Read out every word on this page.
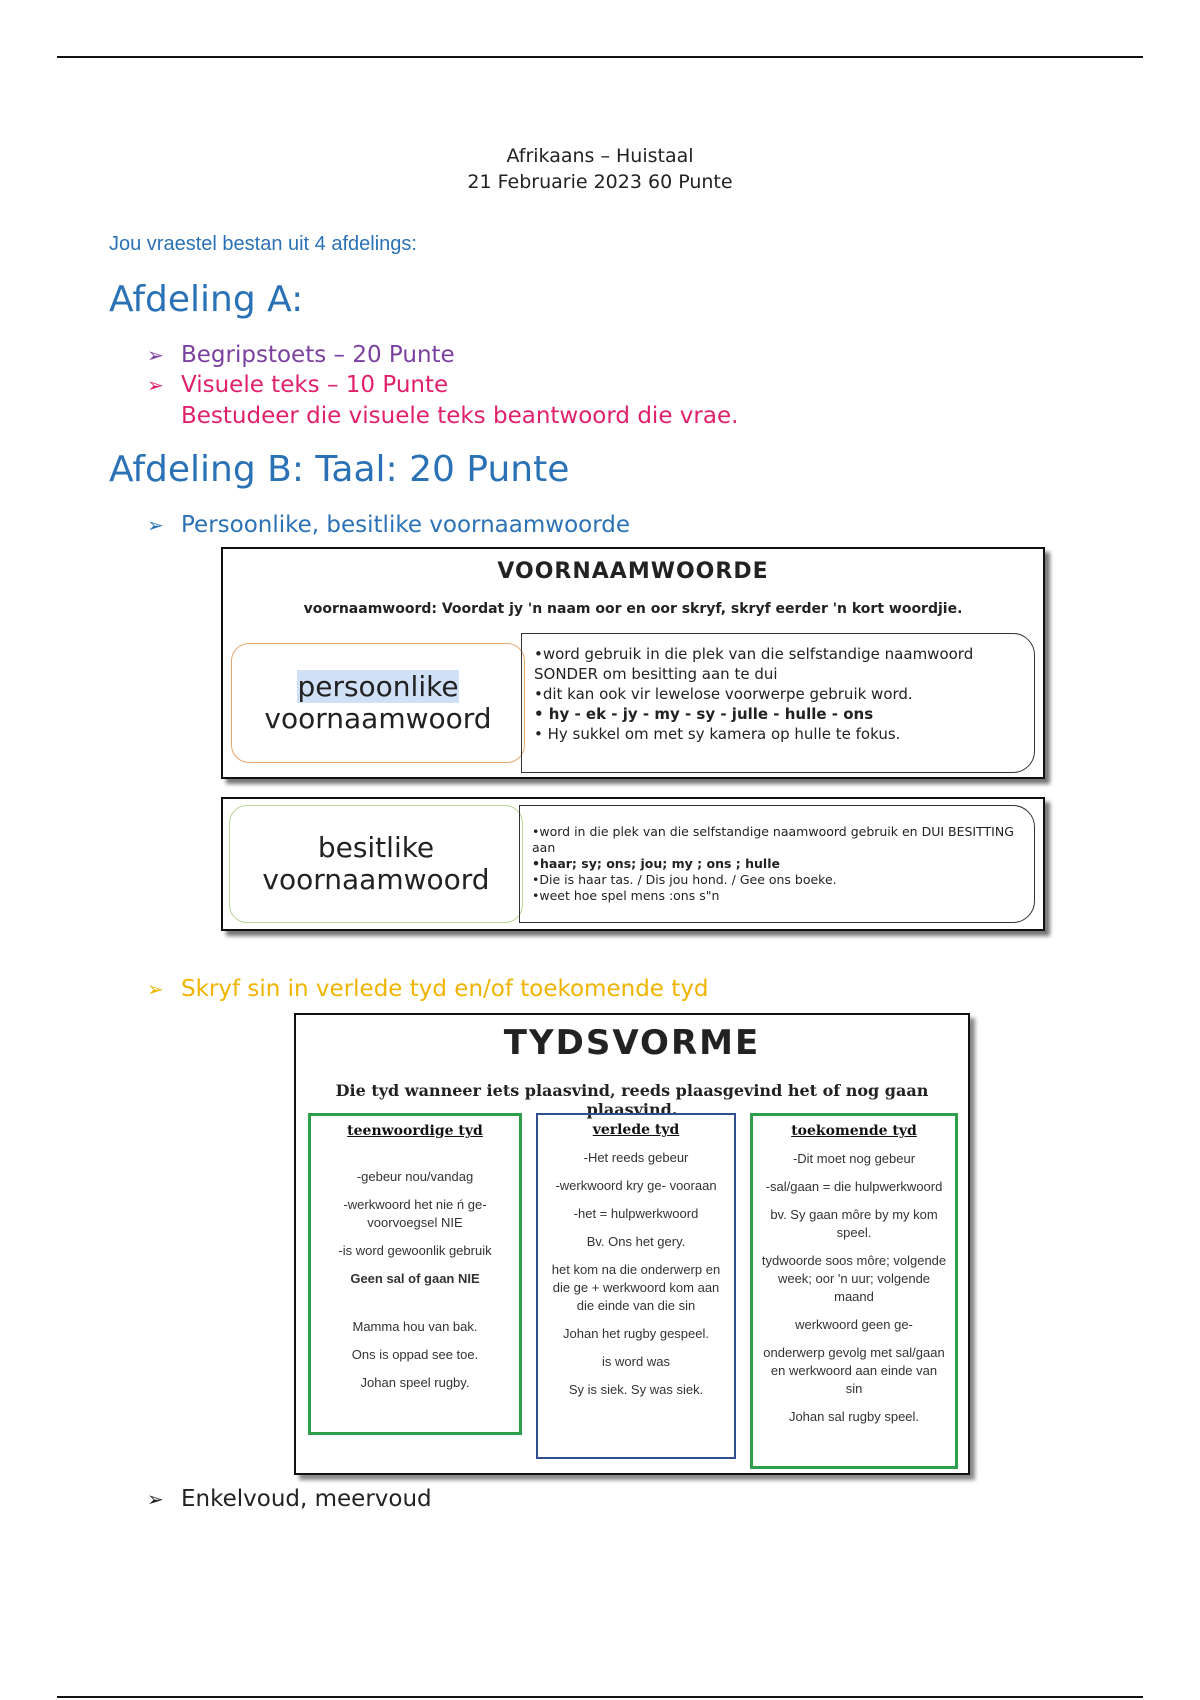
Afrikaans – Huistaal
21 Februarie 2023 60 Punte
Jou vraestel bestan uit 4 afdelings:
Afdeling A:
➢ Begripstoets – 20 Punte
➢ Visuele teks – 10 Punte
Bestudeer die visuele teks beantwoord die vrae.
Afdeling B: Taal: 20 Punte
➢ Persoonlike, besitlike voornaamwoorde
VOORNAAMWOORDE
voornaamwoord: Voordat jy 'n naam oor en oor skryf, skryf eerder 'n kort woordjie.
persoonlike
voornaamwoord
•word gebruik in die plek van die selfstandige naamwoord SONDER om besitting aan te dui
•dit kan ook vir lewelose voorwerpe gebruik word.
• hy - ek - jy - my - sy - julle - hulle - ons
• Hy sukkel om met sy kamera op hulle te fokus.
besitlike
voornaamwoord
•word in die plek van die selfstandige naamwoord gebruik en DUI BESITTING aan
•haar; sy; ons; jou; my ; ons ; hulle
•Die is haar tas. / Dis jou hond. / Gee ons boeke.
•weet hoe spel mens :ons s"n
➢ Skryf sin in verlede tyd en/of toekomende tyd
TYDSVORME
Die tyd wanneer iets plaasvind, reeds plaasgevind het of nog gaan plaasvind.
teenwoordige tyd

-gebeur nou/vandag

-werkwoord het nie ń ge-voorvoegsel NIE

-is word gewoonlik gebruik

Geen sal of gaan NIE

Mamma hou van bak.

Ons is oppad see toe.

Johan speel rugby.

verlede tyd

-Het reeds gebeur

-werkwoord kry ge- vooraan

-het = hulpwerkwoord

Bv. Ons het gery.

het kom na die onderwerp en die ge + werkwoord kom aan die einde van die sin

Johan het rugby gespeel.

is word was

Sy is siek. Sy was siek.

toekomende tyd

-Dit moet nog gebeur

-sal/gaan = die hulpwerkwoord

bv. Sy gaan môre by my kom speel.

tydwoorde soos môre; volgende week; oor 'n uur; volgende maand

werkwoord geen ge-

onderwerp gevolg met sal/gaan en werkwoord aan einde van sin

Johan sal rugby speel.

➢ Enkelvoud, meervoud
